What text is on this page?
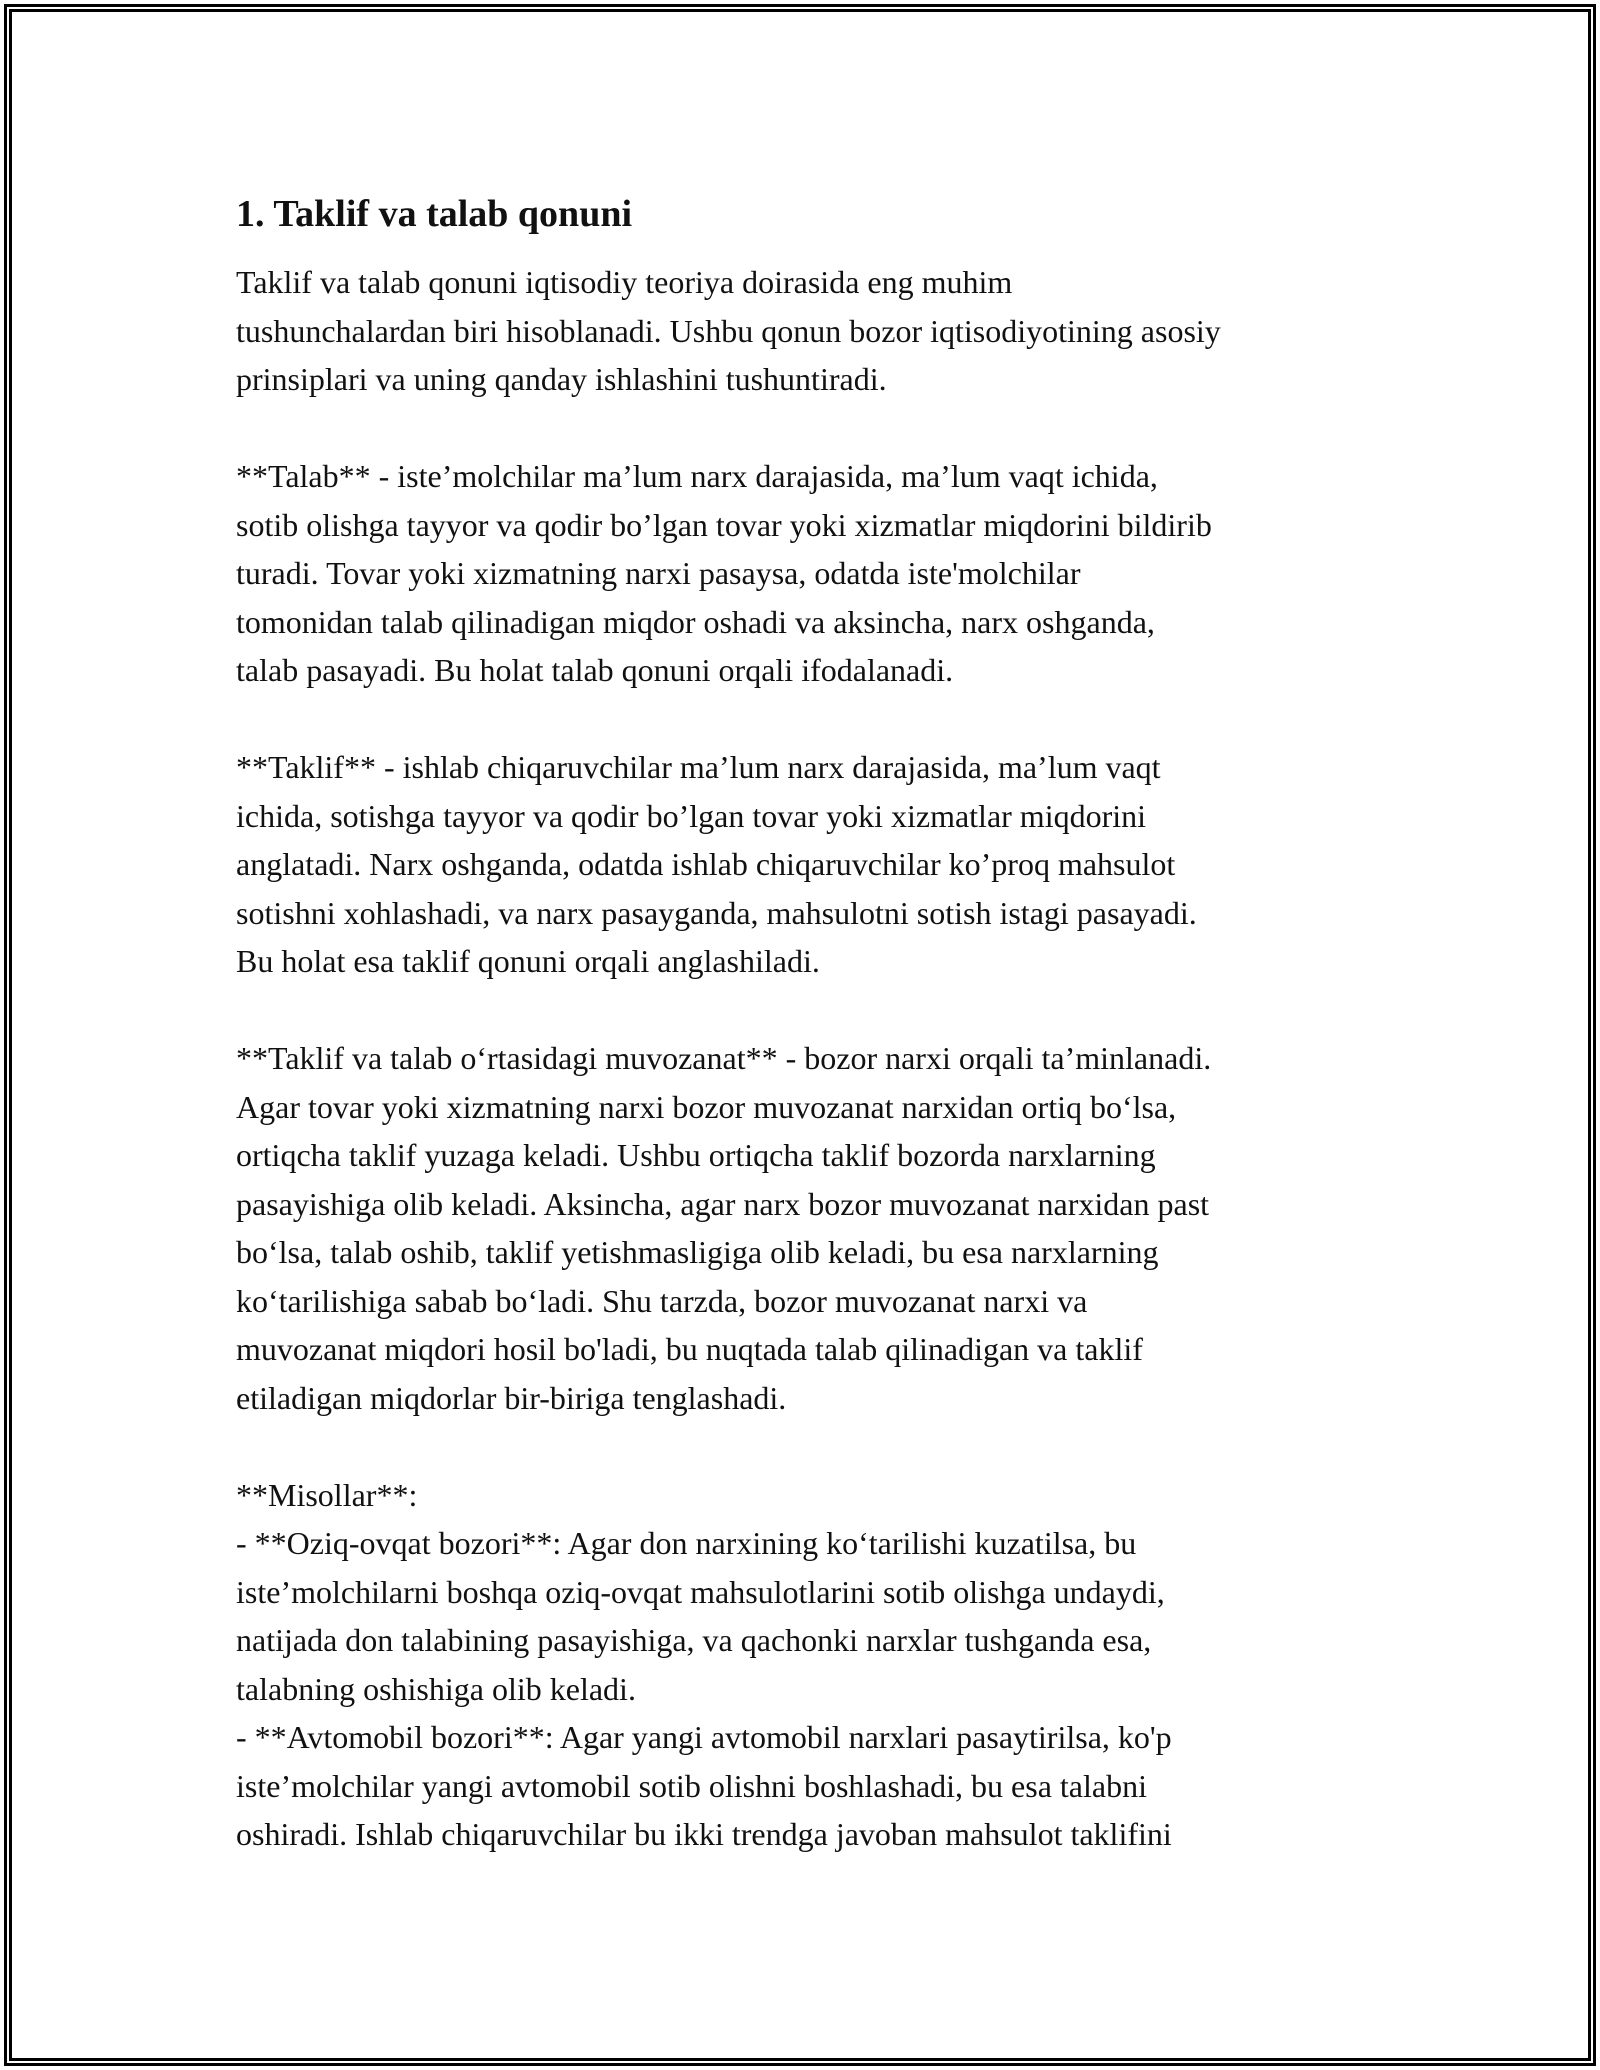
1. Taklif va talab qonuni

Taklif va talab qonuni iqtisodiy teoriya doirasida eng muhim
tushunchalardan biri hisoblanadi. Ushbu qonun bozor iqtisodiyotining asosiy
prinsiplari va uning qanday ishlashini tushuntiradi.

**Talab** - iste’molchilar ma’lum narx darajasida, ma’lum vaqt ichida,
sotib olishga tayyor va qodir bo’lgan tovar yoki xizmatlar miqdorini bildirib
turadi. Tovar yoki xizmatning narxi pasaysa, odatda iste'molchilar
tomonidan talab qilinadigan miqdor oshadi va aksincha, narx oshganda,
talab pasayadi. Bu holat talab qonuni orqali ifodalanadi.

**Taklif** - ishlab chiqaruvchilar ma’lum narx darajasida, ma’lum vaqt
ichida, sotishga tayyor va qodir bo’lgan tovar yoki xizmatlar miqdorini
anglatadi. Narx oshganda, odatda ishlab chiqaruvchilar ko’proq mahsulot
sotishni xohlashadi, va narx pasayganda, mahsulotni sotish istagi pasayadi.
Bu holat esa taklif qonuni orqali anglashiladi.

**Taklif va talab o‘rtasidagi muvozanat** - bozor narxi orqali ta’minlanadi.
Agar tovar yoki xizmatning narxi bozor muvozanat narxidan ortiq bo‘lsa,
ortiqcha taklif yuzaga keladi. Ushbu ortiqcha taklif bozorda narxlarning
pasayishiga olib keladi. Aksincha, agar narx bozor muvozanat narxidan past
bo‘lsa, talab oshib, taklif yetishmasligiga olib keladi, bu esa narxlarning
ko‘tarilishiga sabab bo‘ladi. Shu tarzda, bozor muvozanat narxi va
muvozanat miqdori hosil bo'ladi, bu nuqtada talab qilinadigan va taklif
etiladigan miqdorlar bir-biriga tenglashadi.

**Misollar**:
- **Oziq-ovqat bozori**: Agar don narxining ko‘tarilishi kuzatilsa, bu
iste’molchilarni boshqa oziq-ovqat mahsulotlarini sotib olishga undaydi,
natijada don talabining pasayishiga, va qachonki narxlar tushganda esa,
talabning oshishiga olib keladi.
- **Avtomobil bozori**: Agar yangi avtomobil narxlari pasaytirilsa, ko'p
iste’molchilar yangi avtomobil sotib olishni boshlashadi, bu esa talabni
oshiradi. Ishlab chiqaruvchilar bu ikki trendga javoban mahsulot taklifini
